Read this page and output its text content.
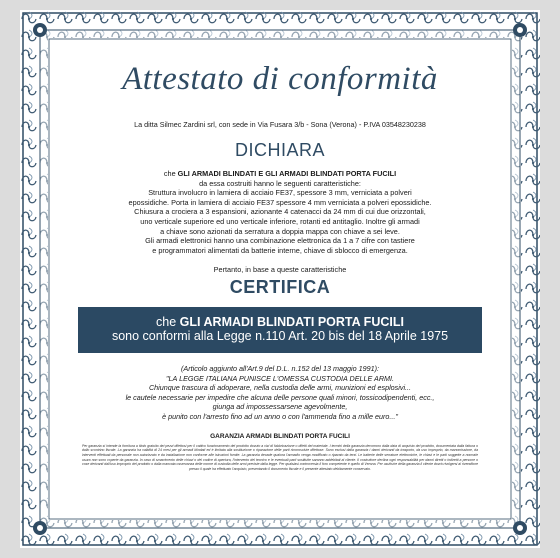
Attestato di conformità
La ditta Silmec Zardini srl, con sede in Via Fusara 3/b - Sona (Verona) - P.IVA 03548230238
DICHIARA
che GLI ARMADI BLINDATI E GLI ARMADI BLINDATI PORTA FUCILI
da essa costruiti hanno le seguenti caratteristiche:
Struttura involucro in lamiera di acciaio FE37, spessore 3 mm, verniciata a polveri
epossidiche. Porta in lamiera di acciaio FE37 spessore 4 mm verniciata a polveri epossidiche.
Chiusura a crociera a 3 espansioni, azionante 4 catenacci da 24 mm di cui due orizzontali,
uno verticale superiore ed uno verticale inferiore, rotanti ed antitaglio. Inoltre gli armadi
a chiave sono azionati da serratura a doppia mappa con chiave a sei leve.
Gli armadi elettronici hanno una combinazione elettronica da 1 a 7 cifre con tastiere
e programmatori alimentati da batterie interne, chiave di sblocco di emergenza.
Pertanto, in base a queste caratteristiche
CERTIFICA
che GLI ARMADI BLINDATI PORTA FUCILI
sono conformi alla Legge n.110 Art. 20 bis del 18 Aprile 1975
(Articolo aggiunto all'Art.9 del D.L. n.152 del 13 maggio 1991):
"LA LEGGE ITALIANA PUNISCE L'OMESSA CUSTODIA DELLE ARMI.
Chiunque trascura di adoperare, nella custodia delle armi, munizioni ed esplosivi...
le cautele necessarie per impedire che alcuna delle persone quali minori, tossicodipendenti, ecc.,
giunga ad impossessarsene agevolmente,
è punito con l'arresto fino ad un anno o con l'ammenda fino a mille euro..."
GARANZIA ARMADI BLINDATI PORTA FUCILI
Per garanzia si intende la fornitura a titolo gratuito dei pezzi difettosi per il cattivo funzionamento del prodotto dovuto a vizi di fabbricazione o difetti del materiale. I termini della garanzia decorrono dalla data di acquisto del prodotto, documentata dalla fattura o dallo scontrino fiscale. La garanzia ha validità di 24 mesi per gli armadi blindati ed è limitata alla sostituzione o riparazione delle parti riconosciute difettose. Sono esclusi dalla garanzia i danni derivanti da trasporto, da uso improprio, da manomissione, da interventi effettuati da personale non autorizzato e da installazione non conforme alle istruzioni fornite. La garanzia decade qualora l'armadio venga modificato o riparato da terzi. Le batterie delle serrature elettroniche, le chiavi e le parti soggette a normale usura non sono coperte da garanzia. In caso di smarrimento delle chiavi o del codice di apertura, l'intervento del tecnico e le eventuali parti sostituite saranno addebitati al cliente. Il costruttore declina ogni responsabilità per danni diretti o indiretti a persone o cose derivanti dall'uso improprio del prodotto o dalla mancata osservanza delle norme di custodia delle armi previste dalla legge. Per qualsiasi controversia il foro competente è quello di Verona. Per usufruire della garanzia il cliente dovrà rivolgersi al rivenditore presso il quale ha effettuato l'acquisto, presentando il documento fiscale e il presente attestato debitamente conservato.
